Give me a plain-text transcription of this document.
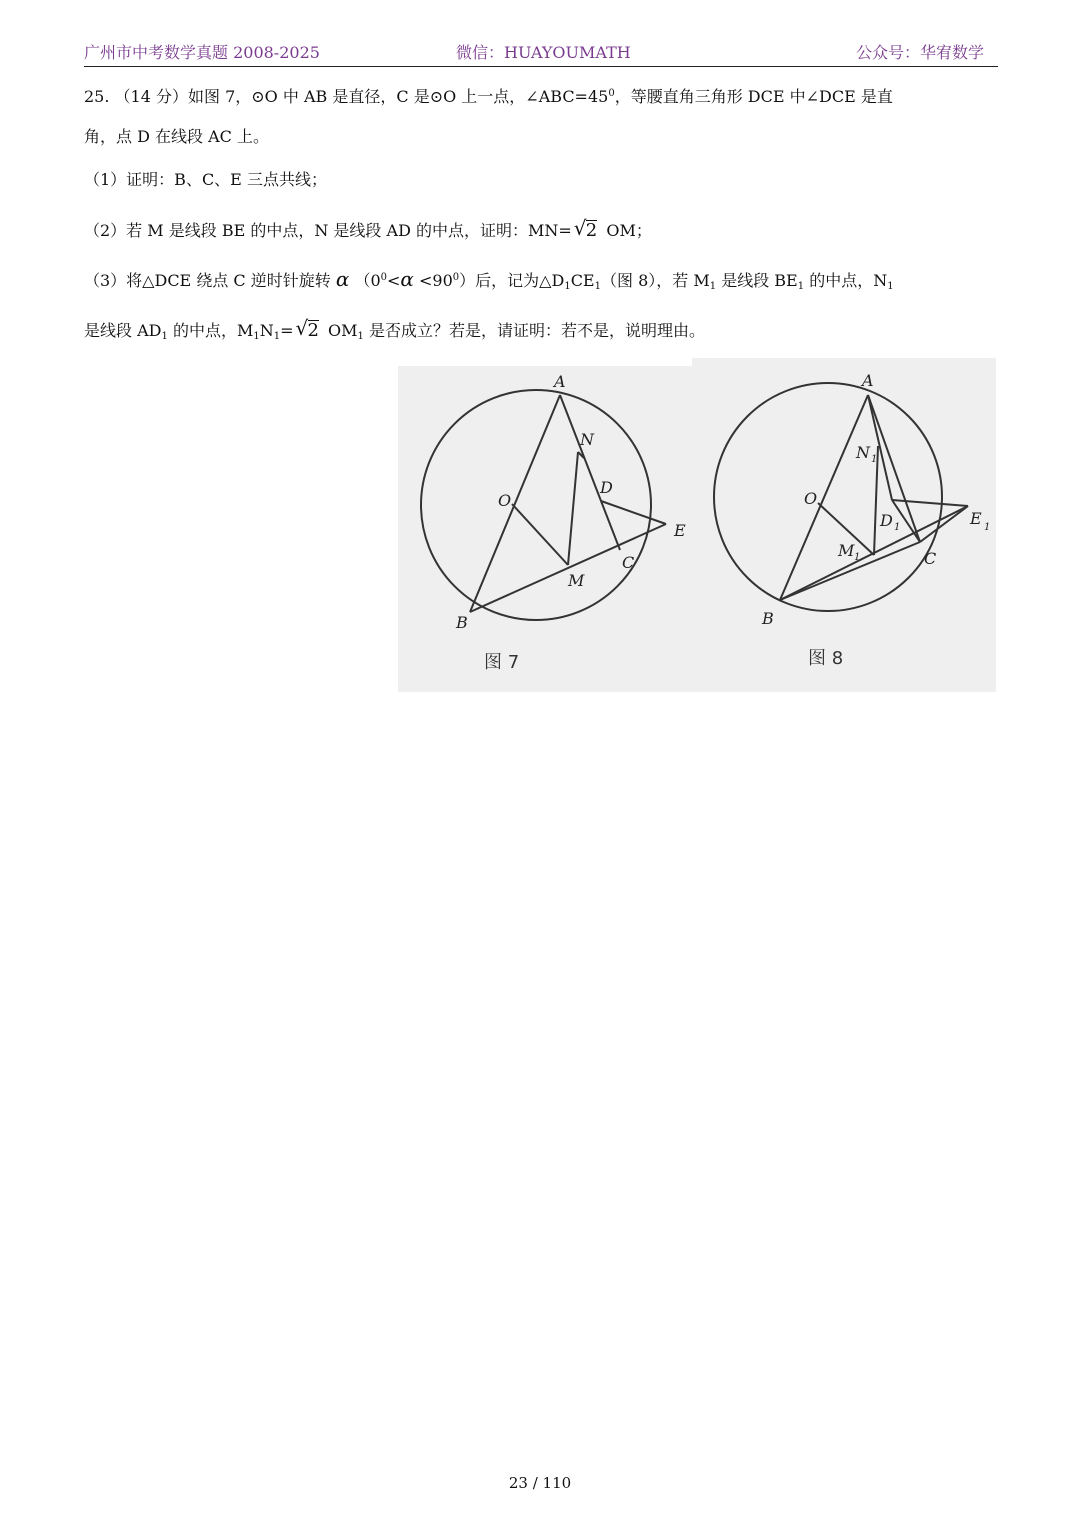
广州市中考数学真题 2008-2025	微信：HUAYOUMATH	公众号：华宥数学
25. （14 分）如图 7，⊙O 中 AB 是直径，C 是⊙O 上一点，$\angle ABC=45^0$，等腰直角三角形 DCE 中∠DCE 是直
角，点 D 在线段 AC 上。
（1）证明：B、C、E 三点共线；
（2）若 M 是线段 BE 的中点，N 是线段 AD 的中点，证明：MN= √ 2 OM；
（3）将△DCE 绕点 C 逆时针旋转 α $(0^0<\alpha <90^0)$后，记为$\triangle D_1CE_1$（图 8），若 $M_1$ 是线段 $BE_1$ 的中点，$N_1$
是线段 $AD_1$ 的中点，$M_1N_1=$ √ 2 $OM_1$ 是否成立？若是，请证明：若不是，说明理由。
A
N
O
D
E
C
M
B
图 7
A
N 1
O
D 1	E 1
M 1	C
B
图 8
23 / 110
